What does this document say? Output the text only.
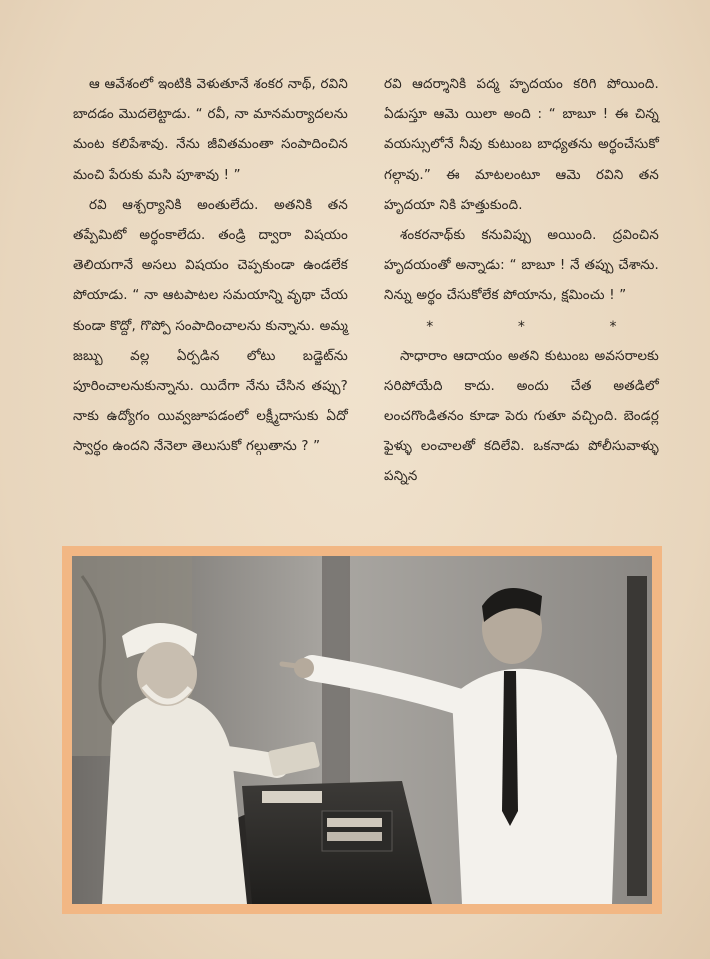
ఆ ఆవేశంలో ఇంటికి వెళుతూనే శంకర నాథ్, రవిని బాదడం మొదలెట్టాడు. “ రవీ, నా మానమర్యాదలను మంట కలిపేశావు. నేను జీవితమంతా సంపాదించిన మంచి పేరుకు మసి పూశావు ! ”

రవి ఆశ్చర్యానికి అంతులేదు. అతనికి తన తప్పేమిటో అర్థంకాలేదు. తండ్రి ద్వారా విషయం తెలియగానే అసలు విషయం చెప్పకుండా ఉండలేక పోయాడు. “ నా ఆటపాటల సమయాన్ని వృథా చేయ కుండా కొద్దో, గొప్పో సంపాదించాలను కున్నాను. అమ్మ జబ్బు వల్ల ఏర్పడిన లోటు బడ్జెట్‌ను పూరించాలనుకున్నాను. యిదేగా నేను చేసిన తప్పు? నాకు ఉద్యోగం యివ్వజూపడంలో లక్ష్మీదాసుకు ఏదో స్వార్థం ఉందని నేనెలా తెలుసుకో గల్గుతాను ? ”

రవి ఆదర్శానికి పద్మ హృదయం కరిగి పోయింది. ఏడుస్తూ ఆమె యిలా అంది : “ బాబూ ! ఈ చిన్న వయస్సులోనే నీవు కుటుంబ బాధ్యతను అర్థంచేసుకో గల్గావు.” ఈ మాటలంటూ ఆమె రవిని తన హృదయా నికి హత్తుకుంది.

శంకరనాథ్‌కు కనువిప్పు అయింది. ద్రవించిన హృదయంతో అన్నాడు: “ బాబూ ! నే తప్పు చేశాను. నిన్ను అర్థం చేసుకోలేక పోయాను, క్షమించు ! ”

*	*	*

సాధారాం ఆదాయం అతని కుటుంబ అవసరాలకు సరిపోయేది కాదు. అందు చేత అతడిలో లంచగొండితనం కూడా పెరు గుతూ వచ్చింది. బెండర్ల ఫైళ్ళు లంచాలతో కదిలేవి. ఒకనాడు పోలీసువాళ్ళు పన్నిన
